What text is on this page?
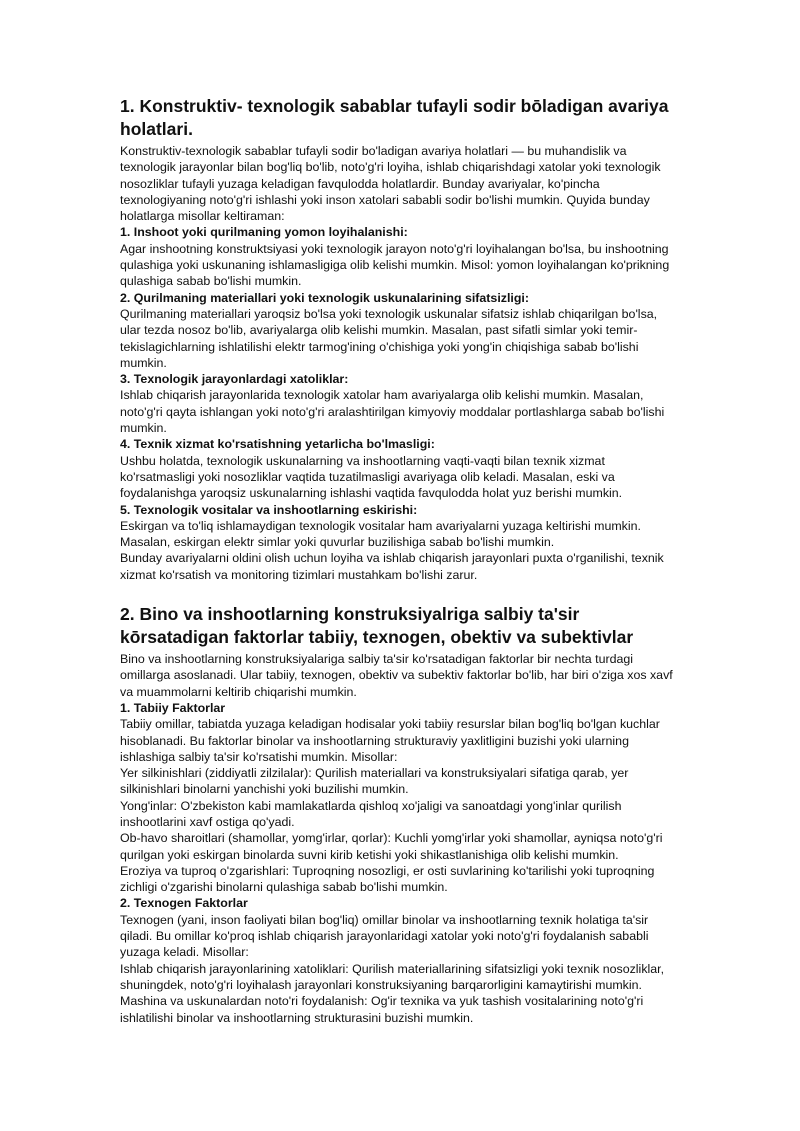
1. Konstruktiv- texnologik sabablar tufayli sodir bōladigan avariya holatlari.

Konstruktiv-texnologik sabablar tufayli sodir bo'ladigan avariya holatlari — bu muhandislik va texnologik jarayonlar bilan bog'liq bo'lib, noto'g'ri loyiha, ishlab chiqarishdagi xatolar yoki texnologik nosozliklar tufayli yuzaga keladigan favqulodda holatlardir. Bunday avariyalar, ko'pincha texnologiyaning noto'g'ri ishlashi yoki inson xatolari sababli sodir bo'lishi mumkin. Quyida bunday holatlarga misollar keltiraman:

1. Inshoot yoki qurilmaning yomon loyihalanishi:

Agar inshootning konstruktsiyasi yoki texnologik jarayon noto'g'ri loyihalangan bo'lsa, bu inshootning qulashiga yoki uskunaning ishlamasligiga olib kelishi mumkin. Misol: yomon loyihalangan ko'prikning qulashiga sabab bo'lishi mumkin.

2. Qurilmaning materiallari yoki texnologik uskunalarining sifatsizligi:

Qurilmaning materiallari yaroqsiz bo'lsa yoki texnologik uskunalar sifatsiz ishlab chiqarilgan bo'lsa, ular tezda nosoz bo'lib, avariyalarga olib kelishi mumkin. Masalan, past sifatli simlar yoki temir-tekislagichlarning ishlatilishi elektr tarmog'ining o'chishiga yoki yong'in chiqishiga sabab bo'lishi mumkin.

3. Texnologik jarayonlardagi xatoliklar:

Ishlab chiqarish jarayonlarida texnologik xatolar ham avariyalarga olib kelishi mumkin. Masalan, noto'g'ri qayta ishlangan yoki noto'g'ri aralashtirilgan kimyoviy moddalar portlashlarga sabab bo'lishi mumkin.

4. Texnik xizmat ko'rsatishning yetarlicha bo'lmasligi:

Ushbu holatda, texnologik uskunalarning va inshootlarning vaqti-vaqti bilan texnik xizmat ko'rsatmasligi yoki nosozliklar vaqtida tuzatilmasligi avariyaga olib keladi. Masalan, eski va foydalanishga yaroqsiz uskunalarning ishlashi vaqtida favqulodda holat yuz berishi mumkin.

5. Texnologik vositalar va inshootlarning eskirishi:

Eskirgan va to'liq ishlamaydigan texnologik vositalar ham avariyalarni yuzaga keltirishi mumkin. Masalan, eskirgan elektr simlar yoki quvurlar buzilishiga sabab bo'lishi mumkin.

Bunday avariyalarni oldini olish uchun loyiha va ishlab chiqarish jarayonlari puxta o'rganilishi, texnik xizmat ko'rsatish va monitoring tizimlari mustahkam bo'lishi zarur.

2. Bino va inshootlarning konstruksiyalriga salbiy ta'sir kōrsatadigan faktorlar tabiiy, texnogen, obektiv va subektivlar

Bino va inshootlarning konstruksiyalariga salbiy ta'sir ko'rsatadigan faktorlar bir nechta turdagi omillarga asoslanadi. Ular tabiiy, texnogen, obektiv va subektiv faktorlar bo'lib, har biri o'ziga xos xavf va muammolarni keltirib chiqarishi mumkin.

1. Tabiiy Faktorlar

Tabiiy omillar, tabiatda yuzaga keladigan hodisalar yoki tabiiy resurslar bilan bog'liq bo'lgan kuchlar hisoblanadi. Bu faktorlar binolar va inshootlarning strukturaviy yaxlitligini buzishi yoki ularning ishlashiga salbiy ta'sir ko'rsatishi mumkin. Misollar:

Yer silkinishlari (ziddiyatli zilzilalar): Qurilish materiallari va konstruksiyalari sifatiga qarab, yer silkinishlari binolarni yanchishi yoki buzilishi mumkin.

Yong'inlar: O'zbekiston kabi mamlakatlarda qishloq xo'jaligi va sanoatdagi yong'inlar qurilish inshootlarini xavf ostiga qo'yadi.

Ob-havo sharoitlari (shamollar, yomg'irlar, qorlar): Kuchli yomg'irlar yoki shamollar, ayniqsa noto'g'ri qurilgan yoki eskirgan binolarda suvni kirib ketishi yoki shikastlanishiga olib kelishi mumkin.

Eroziya va tuproq o'zgarishlari: Tuproqning nosozligi, er osti suvlarining ko'tarilishi yoki tuproqning zichligi o'zgarishi binolarni qulashiga sabab bo'lishi mumkin.

2. Texnogen Faktorlar

Texnogen (yani, inson faoliyati bilan bog'liq) omillar binolar va inshootlarning texnik holatiga ta'sir qiladi. Bu omillar ko'proq ishlab chiqarish jarayonlaridagi xatolar yoki noto'g'ri foydalanish sababli yuzaga keladi. Misollar:

Ishlab chiqarish jarayonlarining xatoliklari: Qurilish materiallarining sifatsizligi yoki texnik nosozliklar, shuningdek, noto'g'ri loyihalash jarayonlari konstruksiyaning barqarorligini kamaytirishi mumkin.

Mashina va uskunalardan noto'ri foydalanish: Og'ir texnika va yuk tashish vositalarining noto'g'ri ishlatilishi binolar va inshootlarning strukturasini buzishi mumkin.
